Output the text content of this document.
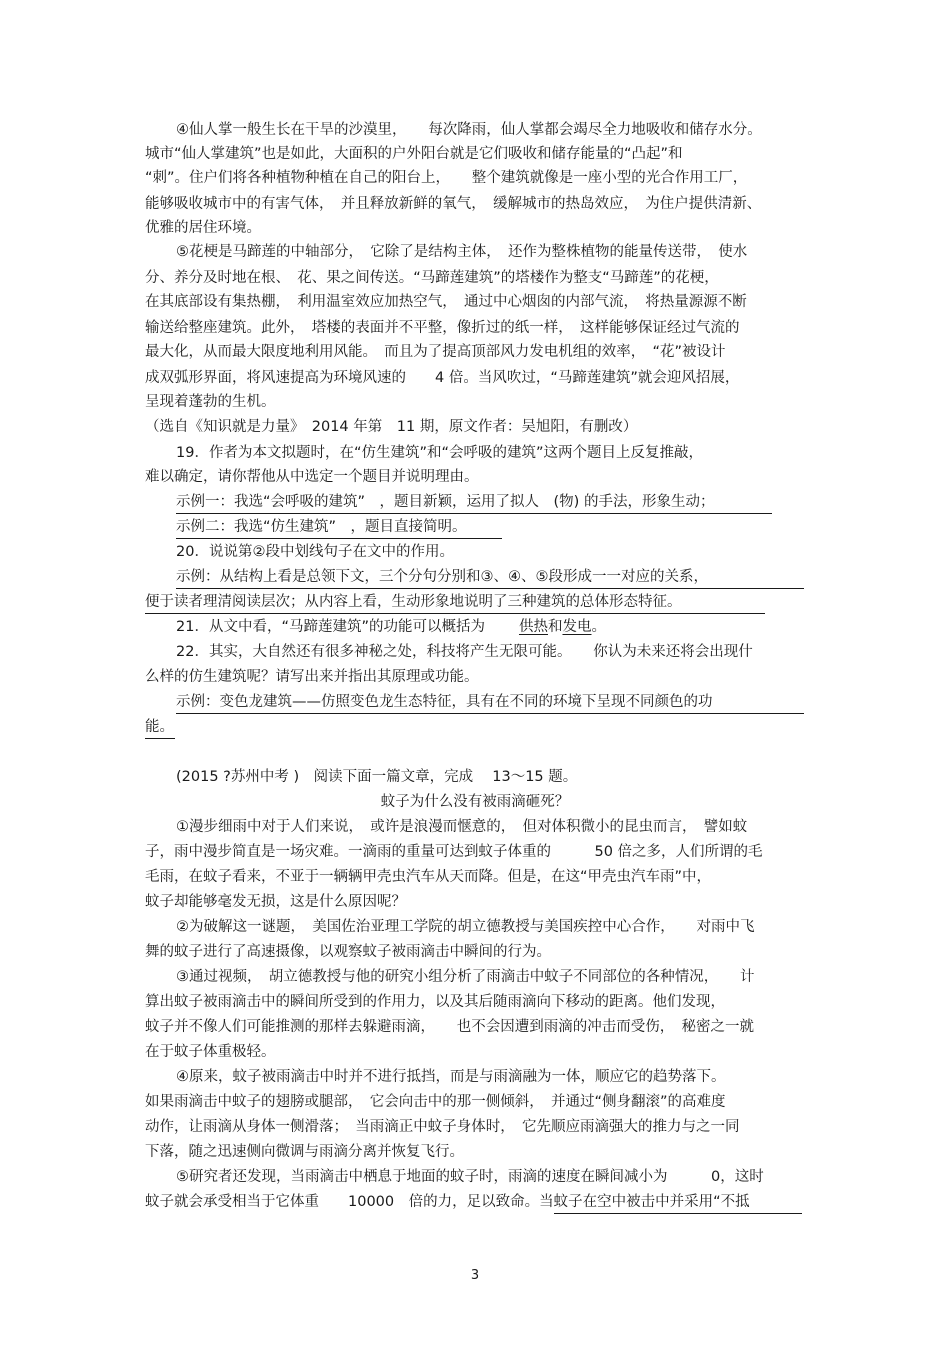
④仙人掌一般生长在干旱的沙漠里，　　每次降雨，仙人掌都会竭尽全力地吸收和储存水分。
城市“仙人掌建筑”也是如此，大面积的户外阳台就是它们吸收和储存能量的“凸起”和
“刺”。住户们将各种植物种植在自己的阳台上，　　整个建筑就像是一座小型的光合作用工厂，
能够吸收城市中的有害气体，　并且释放新鲜的氧气，　缓解城市的热岛效应，　为住户提供清新、
优雅的居住环境。
⑤花梗是马蹄莲的中轴部分，　它除了是结构主体，　还作为整株植物的能量传送带，　使水
分、养分及时地在根、　花、果之间传送。“马蹄莲建筑”的塔楼作为整支“马蹄莲”的花梗，
在其底部设有集热棚，　利用温室效应加热空气，　通过中心烟囱的内部气流，　将热量源源不断
输送给整座建筑。此外，　塔楼的表面并不平整，像折过的纸一样，　这样能够保证经过气流的
最大化，从而最大限度地利用风能。　而且为了提高顶部风力发电机组的效率，　“花”被设计
成双弧形界面，将风速提高为环境风速的　　4 倍。当风吹过，“马蹄莲建筑”就会迎风招展，
呈现着蓬勃的生机。
（选自《知识就是力量》　2014 年第　11 期，原文作者：吴旭阳，有删改）
19．作者为本文拟题时，在“仿生建筑”和“会呼吸的建筑”这两个题目上反复推敲，
难以确定，请你帮他从中选定一个题目并说明理由。
示例一：我选“会呼吸的建筑”　，题目新颖，运用了拟人　(物) 的手法，形象生动；
示例二：我选“仿生建筑”　，题目直接简明。
20．说说第②段中划线句子在文中的作用。
示例：从结构上看是总领下文，三个分句分别和③、④、⑤段形成一一对应的关系，
便于读者理清阅读层次；从内容上看，生动形象地说明了三种建筑的总体形态特征。
21．从文中看，“马蹄莲建筑”的功能可以概括为 供热和发电。
22．其实，大自然还有很多神秘之处，科技将产生无限可能。　　你认为未来还将会出现什
么样的仿生建筑呢？请写出来并指出其原理或功能。
示例：变色龙建筑——仿照变色龙生态特征，具有在不同的环境下呈现不同颜色的功
能。
(2015 ?苏州中考 )　阅读下面一篇文章，完成　 13～15 题。
蚊子为什么没有被雨滴砸死？
①漫步细雨中对于人们来说，　或许是浪漫而惬意的，　但对体积微小的昆虫而言，　譬如蚊
子，雨中漫步简直是一场灾难。一滴雨的重量可达到蚊子体重的　　　50 倍之多，人们所谓的毛
毛雨，在蚊子看来，不亚于一辆辆甲壳虫汽车从天而降。但是，在这“甲壳虫汽车雨”中，
蚊子却能够毫发无损，这是什么原因呢？
②为破解这一谜题，　美国佐治亚理工学院的胡立德教授与美国疾控中心合作，　　对雨中飞
舞的蚊子进行了高速摄像，以观察蚊子被雨滴击中瞬间的行为。
③通过视频，　胡立德教授与他的研究小组分析了雨滴击中蚊子不同部位的各种情况，　　计
算出蚊子被雨滴击中的瞬间所受到的作用力，以及其后随雨滴向下移动的距离。他们发现，
蚊子并不像人们可能推测的那样去躲避雨滴，　　也不会因遭到雨滴的冲击而受伤，　秘密之一就
在于蚊子体重极轻。
④原来，蚊子被雨滴击中时并不进行抵挡，而是与雨滴融为一体，顺应它的趋势落下。
如果雨滴击中蚊子的翅膀或腿部，　它会向击中的那一侧倾斜，　并通过“侧身翻滚”的高难度
动作，让雨滴从身体一侧滑落；　当雨滴正中蚊子身体时，　它先顺应雨滴强大的推力与之一同
下落，随之迅速侧向微调与雨滴分离并恢复飞行。
⑤研究者还发现，当雨滴击中栖息于地面的蚊子时，雨滴的速度在瞬间减小为　　　0，这时
蚊子就会承受相当于它体重　　10000　倍的力，足以致命。当蚊子在空中被击中并采用“不抵
3
